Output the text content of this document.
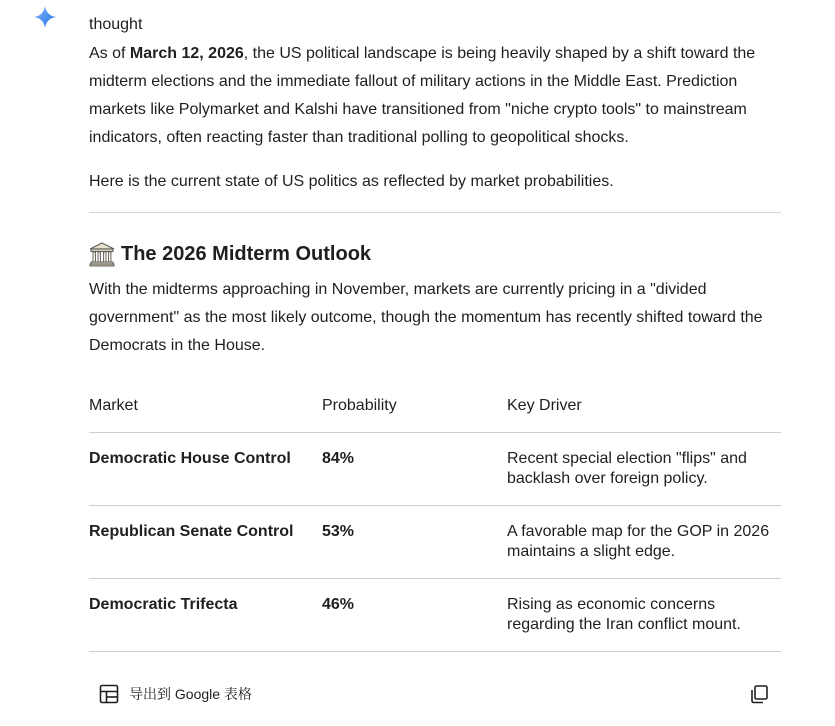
thought

As of March 12, 2026, the US political landscape is being heavily shaped by a shift toward the midterm elections and the immediate fallout of military actions in the Middle East. Prediction markets like Polymarket and Kalshi have transitioned from "niche crypto tools" to mainstream indicators, often reacting faster than traditional polling to geopolitical shocks.

Here is the current state of US politics as reflected by market probabilities.

The 2026 Midterm Outlook

With the midterms approaching in November, markets are currently pricing in a "divided government" as the most likely outcome, though the momentum has recently shifted toward the Democrats in the House.

Market	Probability	Key Driver
Democratic House Control	84%	Recent special election "flips" and backlash over foreign policy.
Republican Senate Control	53%	A favorable map for the GOP in 2026 maintains a slight edge.
Democratic Trifecta	46%	Rising as economic concerns regarding the Iran conflict mount.
导出到 Google 表格
